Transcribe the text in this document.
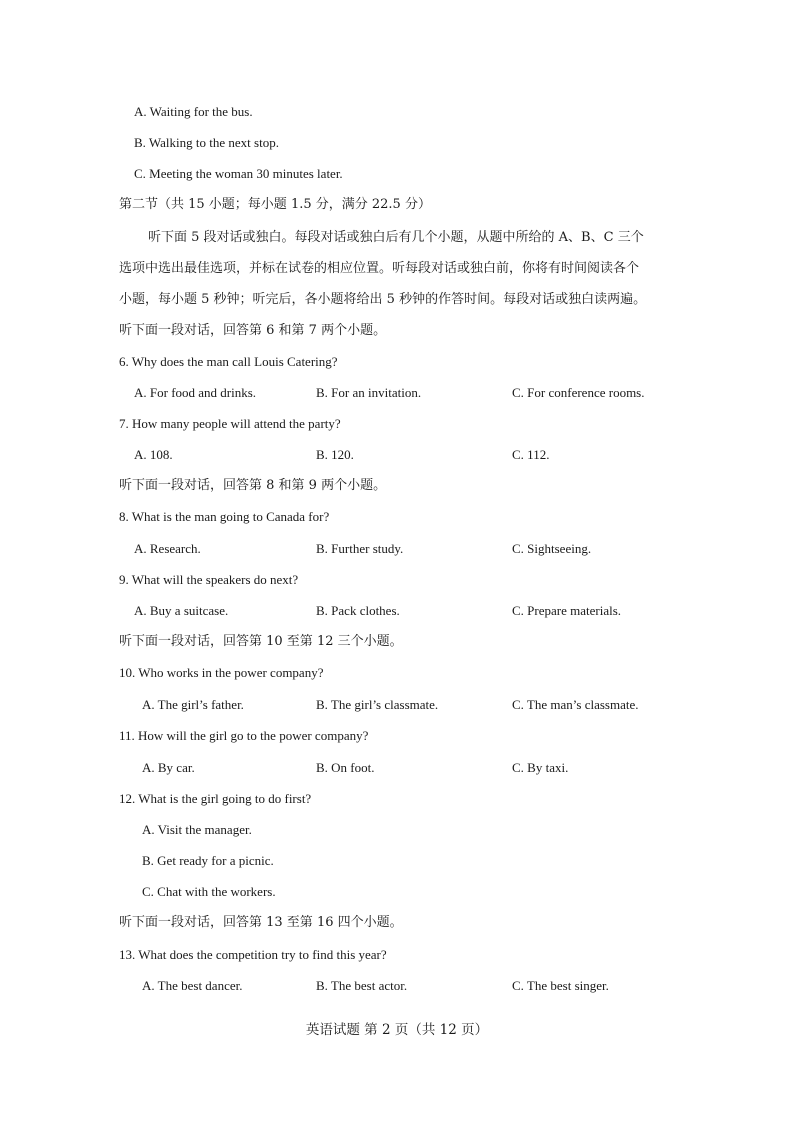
A. Waiting for the bus.
B. Walking to the next stop.
C. Meeting the woman 30 minutes later.
第二节（共 15 小题；每小题 1.5 分，满分 22.5 分）
听下面 5 段对话或独白。每段对话或独白后有几个小题，从题中所给的 A、B、C 三个
选项中选出最佳选项，并标在试卷的相应位置。听每段对话或独白前，你将有时间阅读各个
小题，每小题 5 秒钟；听完后，各小题将给出 5 秒钟的作答时间。每段对话或独白读两遍。
听下面一段对话，回答第 6 和第 7 两个小题。
6. Why does the man call Louis Catering?
A. For food and drinks.	B. For an invitation.	C. For conference rooms.
7. How many people will attend the party?
A. 108.	B. 120.	C. 112.
听下面一段对话，回答第 8 和第 9 两个小题。
8. What is the man going to Canada for?
A. Research.	B. Further study.	C. Sightseeing.
9. What will the speakers do next?
A. Buy a suitcase.	B. Pack clothes.	C. Prepare materials.
听下面一段对话，回答第 10 至第 12 三个小题。
10. Who works in the power company?
A. The girl’s father.	B. The girl’s classmate.	C. The man’s classmate.
11. How will the girl go to the power company?
A. By car.	B. On foot.	C. By taxi.
12. What is the girl going to do first?
A. Visit the manager.
B. Get ready for a picnic.
C. Chat with the workers.
听下面一段对话，回答第 13 至第 16 四个小题。
13. What does the competition try to find this year?
A. The best dancer.	B. The best actor.	C. The best singer.
英语试题 第 2 页（共 12 页）
